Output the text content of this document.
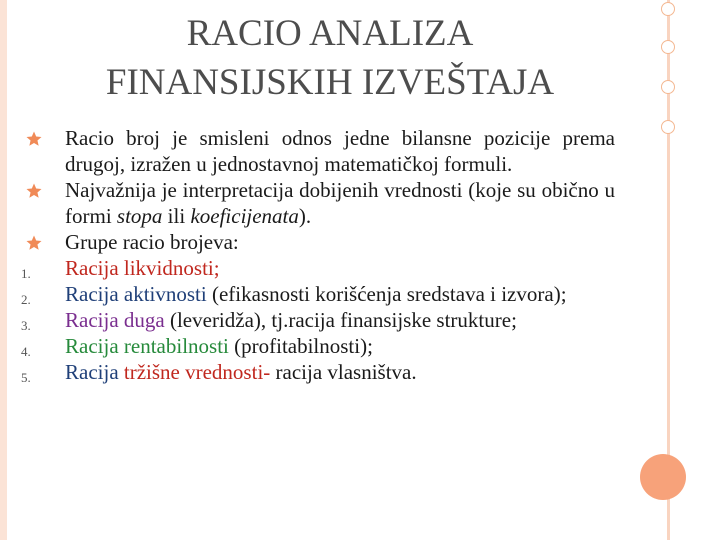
RACIO ANALIZA
FINANSIJSKIH IZVEŠTAJA

Racio broj je smisleni odnos jedne bilansne pozicije prema drugoj, izražen u jednostavnoj matematičkoj formuli.

Najvažnija je interpretacija dobijenih vrednosti (koje su obično u formi stopa ili koeficijenata).

Grupe racio brojeva:

1.	Racija likvidnosti;

2.	Racija aktivnosti (efikasnosti korišćenja sredstava i izvora);

3.	Racija duga (leveridža), tj.racija finansijske strukture;

4.	Racija rentabilnosti (profitabilnosti);

5.	Racija tržišne vrednosti- racija vlasništva.
